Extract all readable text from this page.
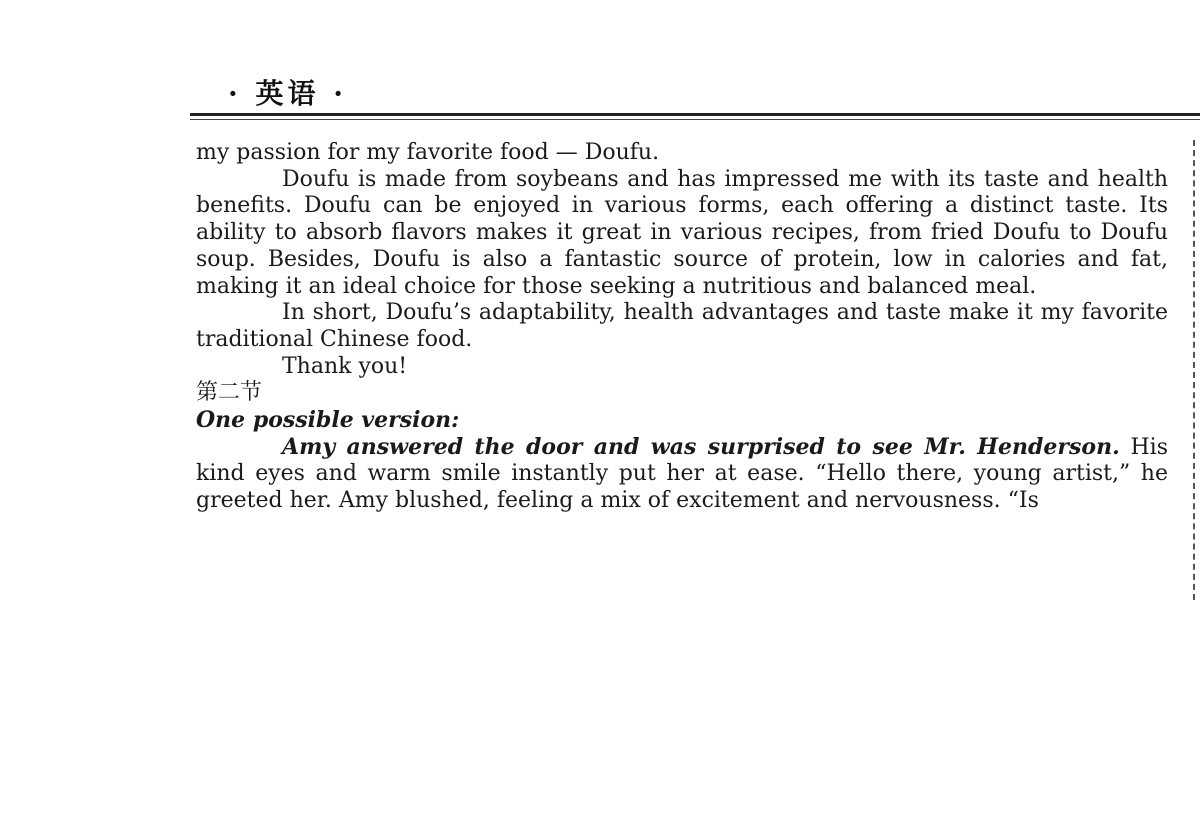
· 英语 ·

my passion for my favorite food — Doufu.

Doufu is made from soybeans and has impressed me with its taste and health benefits. Doufu can be enjoyed in various forms, each offering a distinct taste. Its ability to absorb flavors makes it great in various recipes, from fried Doufu to Doufu soup. Besides, Doufu is also a fantastic source of protein, low in calories and fat, making it an ideal choice for those seeking a nutritious and balanced meal.

In short, Doufu’s adaptability, health advantages and taste make it my favorite traditional Chinese food.

Thank you!

第二节

One possible version:

Amy answered the door and was surprised to see Mr. Henderson. His kind eyes and warm smile instantly put her at ease. “Hello there, young artist,” he greeted her. Amy blushed, feeling a mix of excitement and nervousness. “Is
